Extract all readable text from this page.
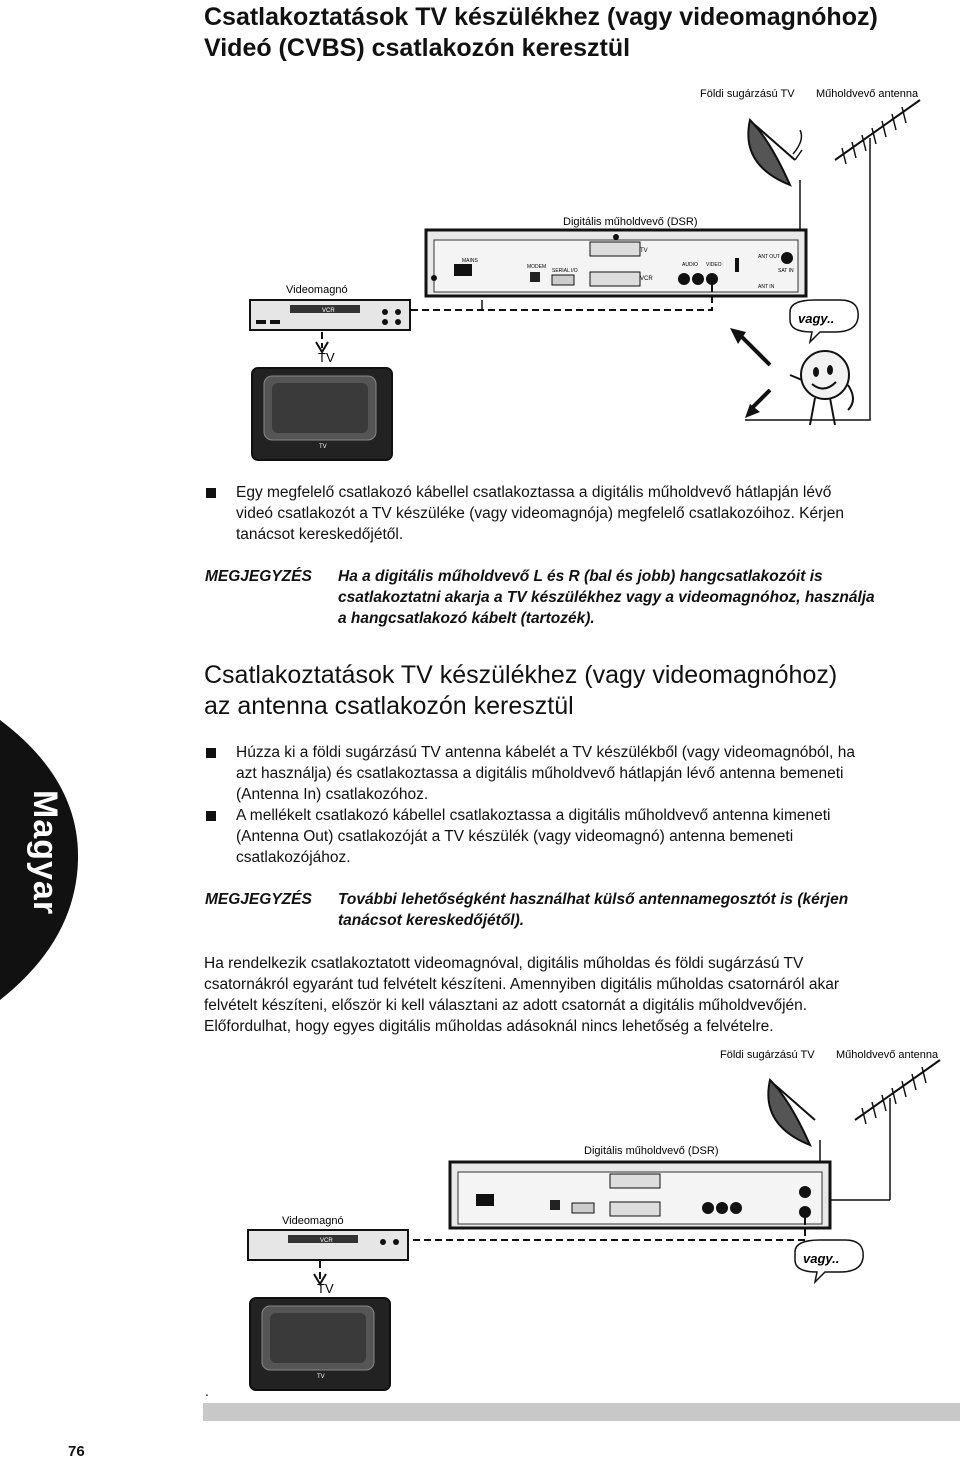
Csatlakoztatások TV készülékhez (vagy videomagnóhoz)
Videó (CVBS) csatlakozón keresztül
Földi sugárzású TV Műholdvevő antenna
Digitális műholdvevő (DSR)
Videomagnó
TV
MAINS
MODEM
SERIAL I/O
TV
VCR
AUDIO VIDEO
ANT OUT
SAT IN
ANT IN
VCR
TV
vagy..
Egy megfelelő csatlakozó kábellel csatlakoztassa a digitális műholdvevő hátlapján lévő
videó csatlakozót a TV készüléke (vagy videomagnója) megfelelő csatlakozóihoz. Kérjen
tanácsot kereskedőjétől.
MEGJEGYZÉS Ha a digitális műholdvevő L és R (bal és jobb) hangcsatlakozóit is
csatlakoztatni akarja a TV készülékhez vagy a videomagnóhoz, használja
a hangcsatlakozó kábelt (tartozék).
Csatlakoztatások TV készülékhez (vagy videomagnóhoz)
az antenna csatlakozón keresztül
Magyar
Húzza ki a földi sugárzású TV antenna kábelét a TV készülékből (vagy videomagnóból, ha
azt használja) és csatlakoztassa a digitális műholdvevő hátlapján lévő antenna bemeneti
(Antenna In) csatlakozóhoz.
A mellékelt csatlakozó kábellel csatlakoztassa a digitális műholdvevő antenna kimeneti
(Antenna Out) csatlakozóját a TV készülék (vagy videomagnó) antenna bemeneti
csatlakozójához.
MEGJEGYZÉS További lehetőségként használhat külső antennamegosztót is (kérjen
tanácsot kereskedőjétől).
Ha rendelkezik csatlakoztatott videomagnóval, digitális műholdas és földi sugárzású TV
csatornákról egyaránt tud felvételt készíteni. Amennyiben digitális műholdas csatornáról akar
felvételt készíteni, először ki kell választani az adott csatornát a digitális műholdvevőjén.
Előfordulhat, hogy egyes digitális műholdas adásoknál nincs lehetőség a felvételre.
Földi sugárzású TV Műholdvevő antenna
Digitális műholdvevő (DSR)
Videomagnó
TV
VCR
TV
vagy..
.
76
